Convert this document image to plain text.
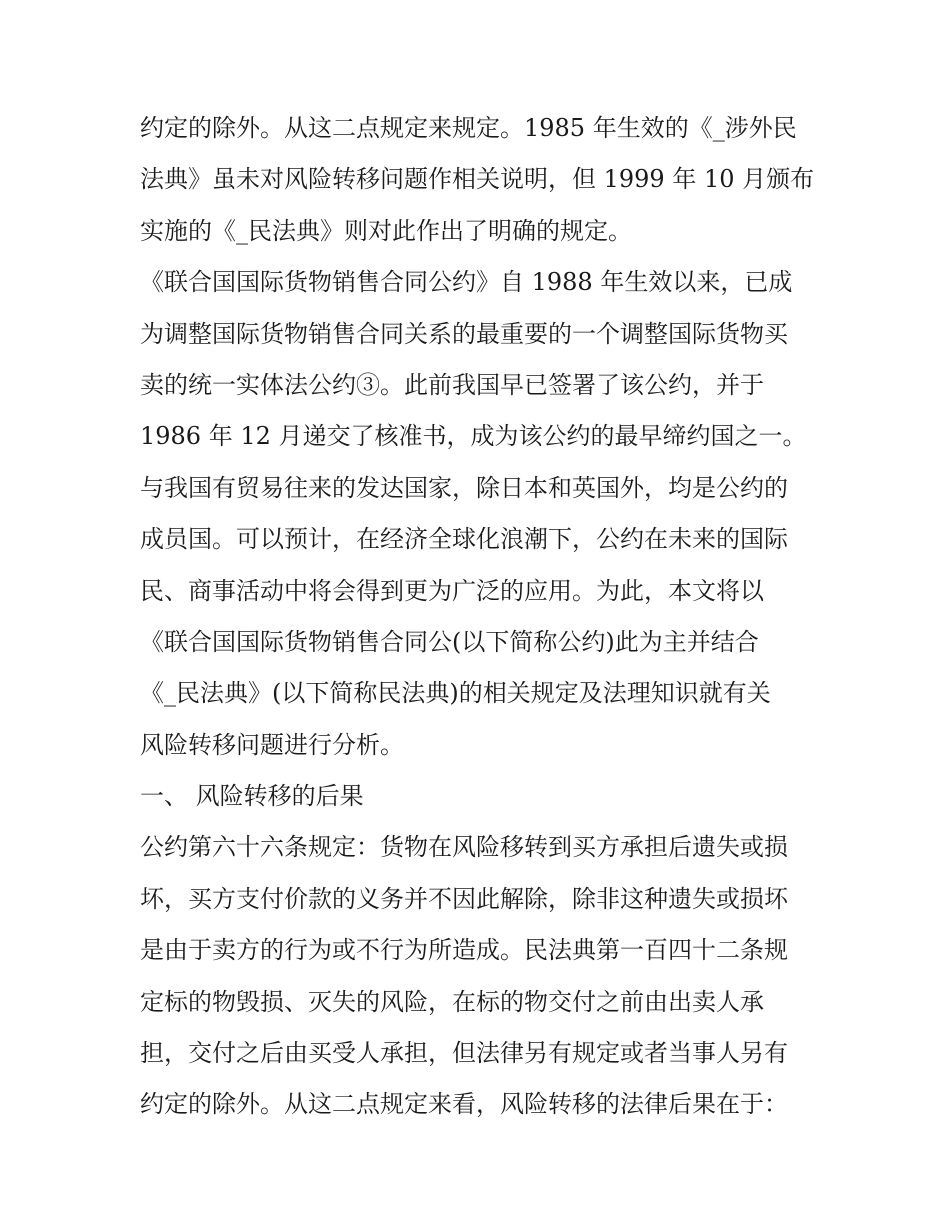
约定的除外。从这二点规定来规定。1985 年生效的《_涉外民
法典》虽未对风险转移问题作相关说明，但 1999 年 10 月颁布
实施的《_民法典》则对此作出了明确的规定。
《联合国国际货物销售合同公约》自 1988 年生效以来，已成
为调整国际货物销售合同关系的最重要的一个调整国际货物买
卖的统一实体法公约③。此前我国早已签署了该公约，并于
1986 年 12 月递交了核准书，成为该公约的最早缔约国之一。
与我国有贸易往来的发达国家，除日本和英国外，均是公约的
成员国。可以预计，在经济全球化浪潮下，公约在未来的国际
民、商事活动中将会得到更为广泛的应用。为此，本文将以
《联合国国际货物销售合同公(以下简称公约)此为主并结合
《_民法典》(以下简称民法典)的相关规定及法理知识就有关
风险转移问题进行分析。
一、 风险转移的后果
公约第六十六条规定：货物在风险移转到买方承担后遗失或损
坏，买方支付价款的义务并不因此解除，除非这种遗失或损坏
是由于卖方的行为或不行为所造成。民法典第一百四十二条规
定标的物毁损、灭失的风险，在标的物交付之前由出卖人承
担，交付之后由买受人承担，但法律另有规定或者当事人另有
约定的除外。从这二点规定来看，风险转移的法律后果在于：
